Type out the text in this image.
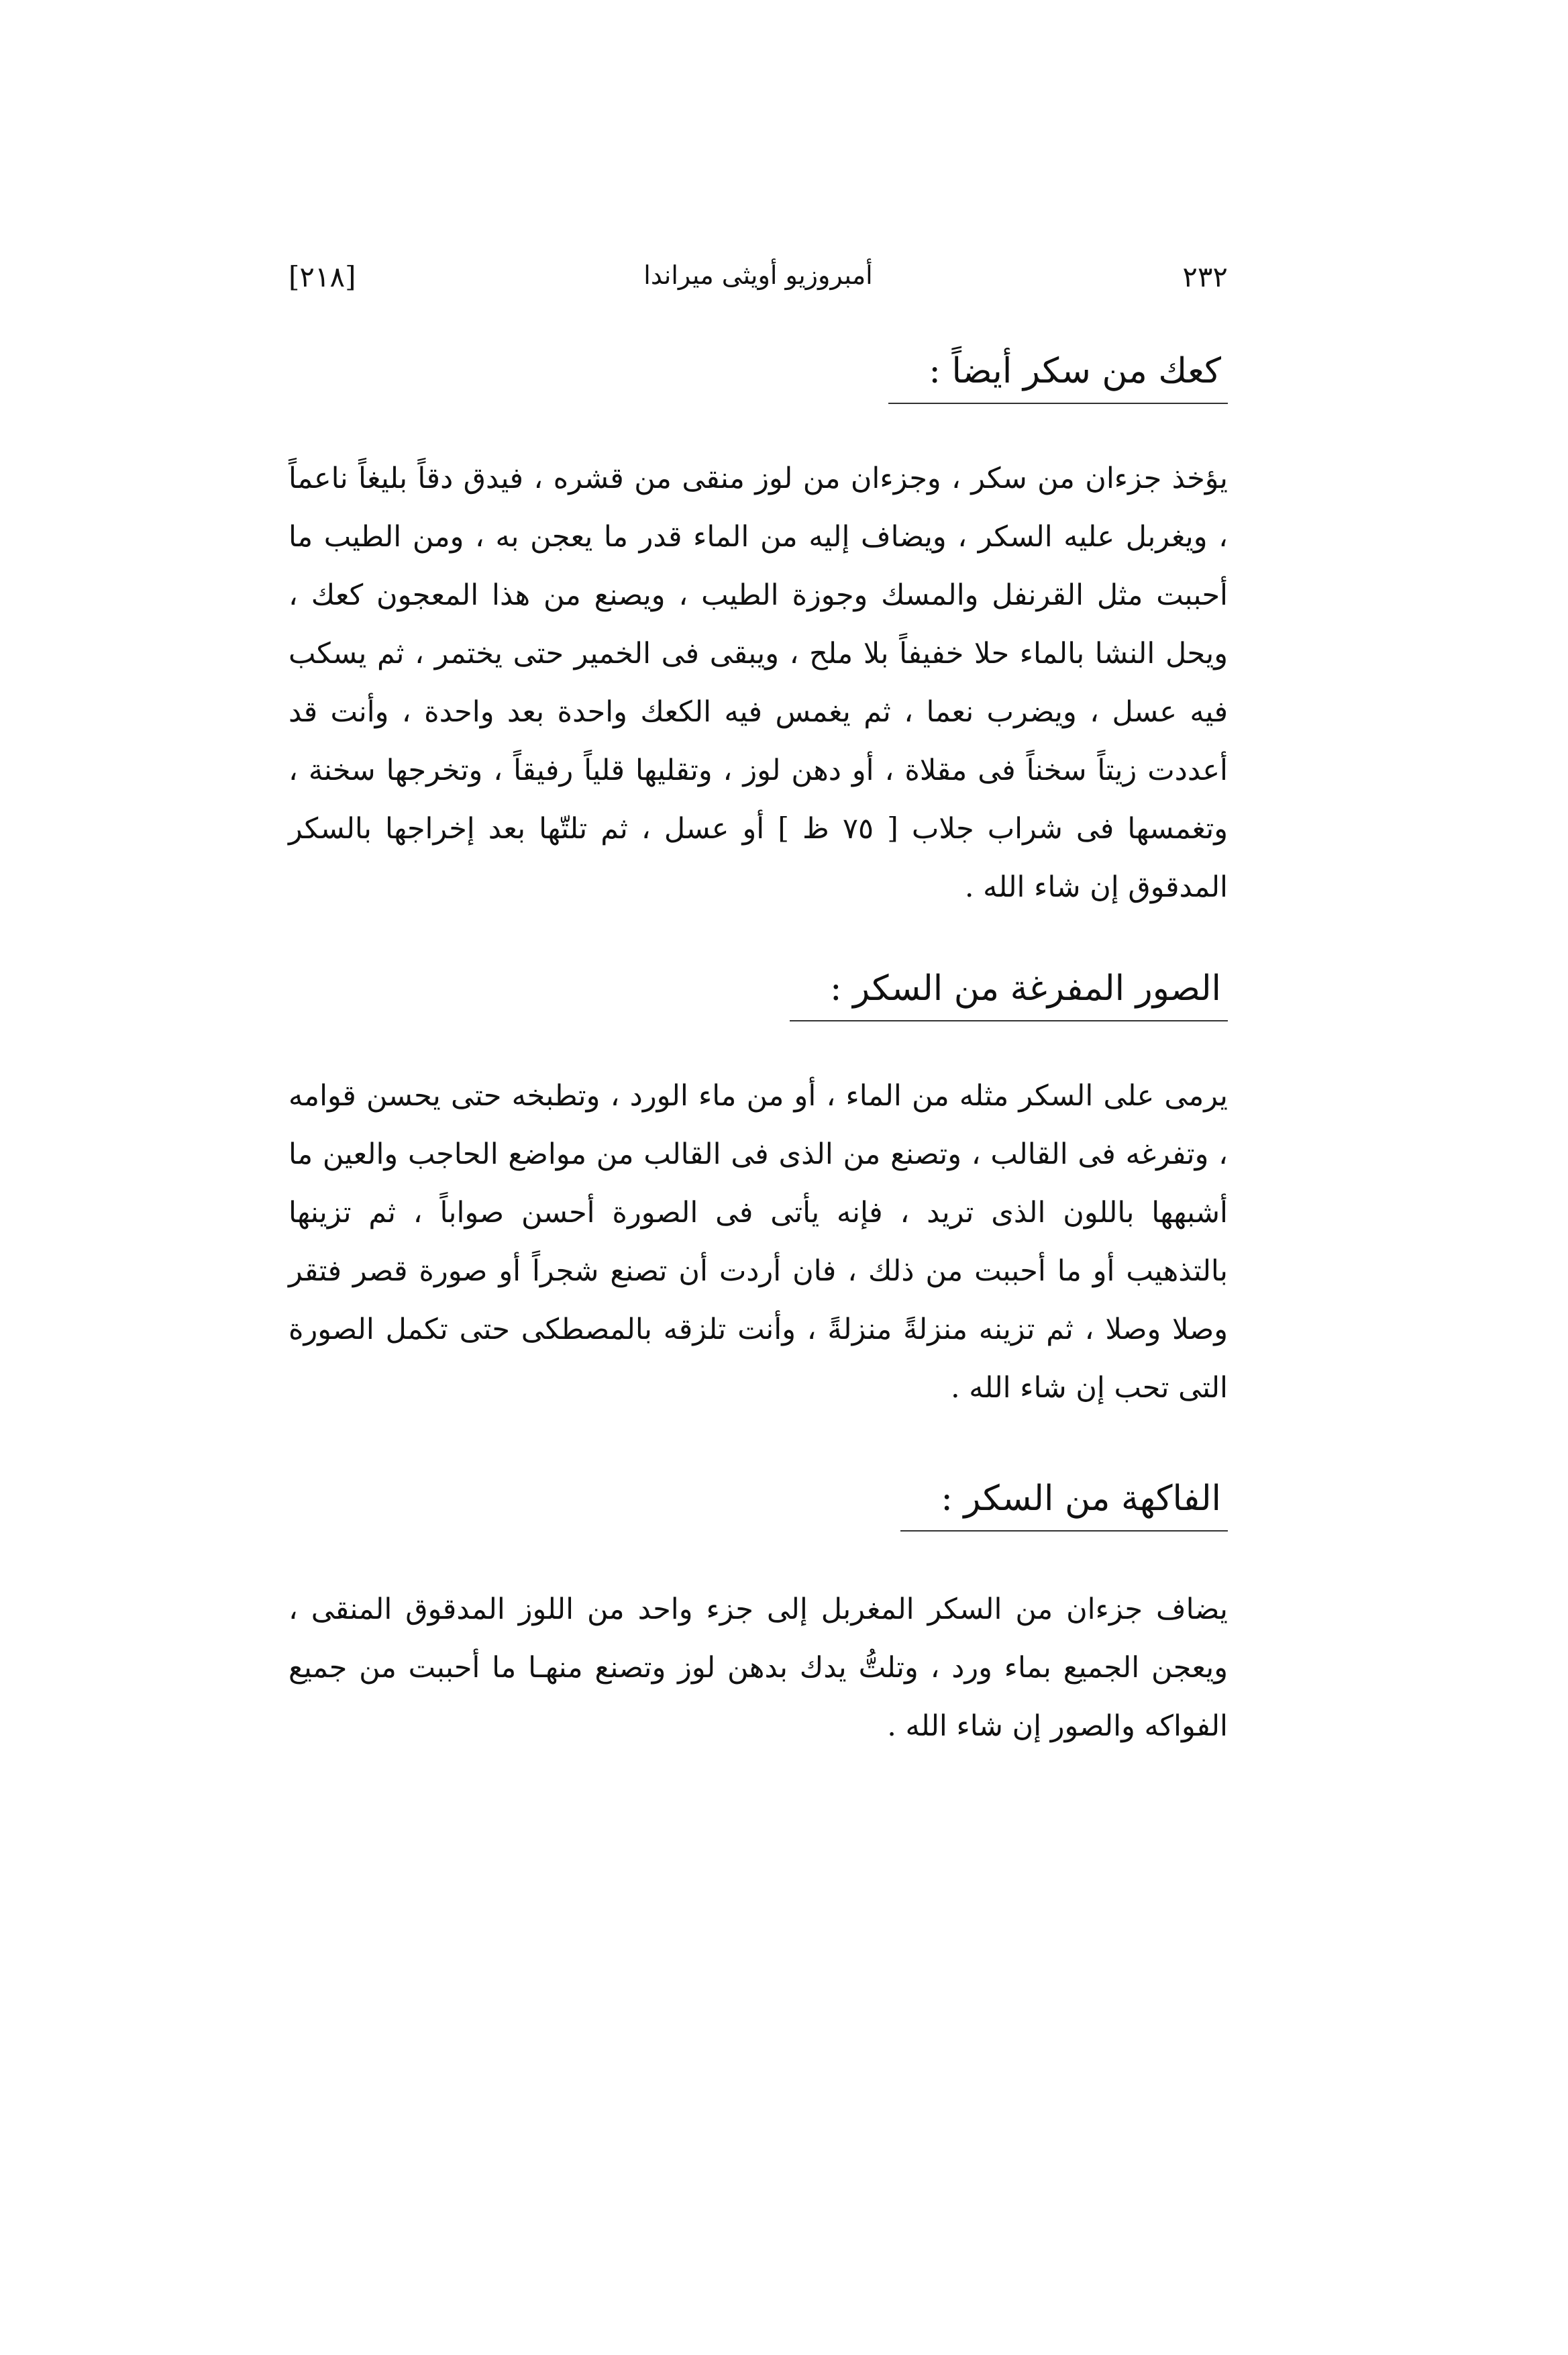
٢٣٢
أمبروزيو أويثى ميراندا
[٢١٨]
كعك من سكر أيضاً :

يؤخذ جزءان من سكر ، وجزءان من لوز منقى من قشره ، فيدق دقاً بليغاً ناعماً ، ويغربل عليه السكر ، ويضاف إليه من الماء قدر ما يعجن به ، ومن الطيب ما أحببت مثل القرنفل والمسك وجوزة الطيب ، ويصنع من هذا المعجون كعك ، ويحل النشا بالماء حلا خفيفاً بلا ملح ، ويبقى فى الخمير حتى يختمر ، ثم يسكب فيه عسل ، ويضرب نعما ، ثم يغمس فيه الكعك واحدة بعد واحدة ، وأنت قد أعددت زيتاً سخناً فى مقلاة ، أو دهن لوز ، وتقليها قلياً رفيقاً ، وتخرجها سخنة ، وتغمسها فى شراب جلاب [ ٧٥ ظ ] أو عسل ، ثم تلتّها بعد إخراجها بالسكر المدقوق إن شاء الله .

الصور المفرغة من السكر :

يرمى على السكر مثله من الماء ، أو من ماء الورد ، وتطبخه حتى يحسن قوامه ، وتفرغه فى القالب ، وتصنع من الذى فى القالب من مواضع الحاجب والعين ما أشبهها باللون الذى تريد ، فإنه يأتى فى الصورة أحسن صواباً ، ثم تزينها بالتذهيب أو ما أحببت من ذلك ، فان أردت أن تصنع شجراً أو صورة قصر فتقر وصلا وصلا ، ثم تزينه منزلةً منزلةً ، وأنت تلزقه بالمصطكى حتى تكمل الصورة التى تحب إن شاء الله .

الفاكهة من السكر :

يضاف جزءان من السكر المغربل إلى جزء واحد من اللوز المدقوق المنقى ، ويعجن الجميع بماء ورد ، وتلتُّ يدك بدهن لوز وتصنع منهـا ما أحببت من جميع الفواكه والصور إن شاء الله .
